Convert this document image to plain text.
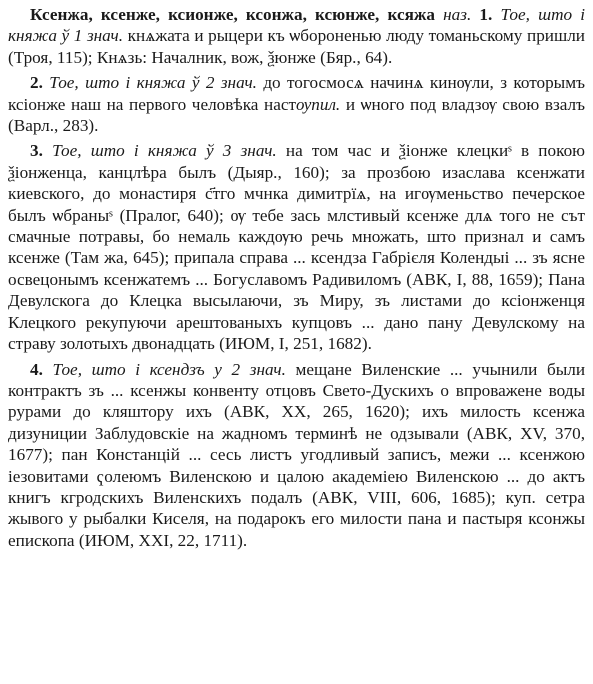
Ксенжа, ксенже, ксионже, ксонжа, ксюнже, ксяжа наз. 1. Тое, што і княжа ў 1 знач. кнѧжата и рыцери къ ѡбороненью люду томаньскому пришли (Троя, 115); Кнѧзь: Началник, вож, ѯюнже (Бяр., 64).

2. Тое, што і княжа ў 2 знач. до тогосмосѧ начинѧ кинѹли, з которымъ ксіонже наш на первого человѣка настѹпил. и ѡного под владзѹ свою взалъ (Варл., 283).

3. Тое, што і княжа ў 3 знач. на том час и ѯіонже клецкиˢ в покою ѯіонженца, канцлѣра былъ (Дыяр., 160); за прозбою изаслава ксенжати киевского, до монастиря с҃тго мчнка димитрїѧ, на игѹменьство печерское былъ ѡбраныˢ (Пралог, 640); ѹ тебе зась млстивый ксенже длѧ того не сът смачные потравы, бо немаль каждѹю речь множать, што признал и самъ ксенже (Там жа, 645); припала справа ... ксендза Габрієля Колендыі ... зъ ясне освецонымъ ксенжатемъ ... Богуславомъ Радивиломъ (АВК, І, 88, 1659); Пана Девулскога до Клецка высылаючи, зъ Миру, зъ листами до ксіонженця Клецкого рекупуючи арештованыхъ купцовъ ... дано пану Девулскому на страву золотыхъ двонадцать (ИЮМ, І, 251, 1682).

4. Тое, што і ксендзъ у 2 знач. мещане Виленские ... учынили были контрактъ зъ ... ксенжы конвенту отцовъ Свето-Дускихъ о впроважене воды рурами до кляштору ихъ (АВК, XX, 265, 1620); ихъ милость ксенжа дизуниции Заблудовскіе на жадномъ терминѣ не одзывали (АВК, XV, 370, 1677); пан Констанцій ... сесь листъ угодливый записъ, межи ... ксенжою іезовитами ҁолеюмъ Виленскою и цалою академіею Виленскою ... до актъ книгъ кгродскихъ Виленскихъ подалъ (АВК, VIII, 606, 1685); куп. сетра жывого у рыбалки Киселя, на подарокъ его милости пана и пастыря ксонжы епископа (ИЮМ, XXI, 22, 1711).
